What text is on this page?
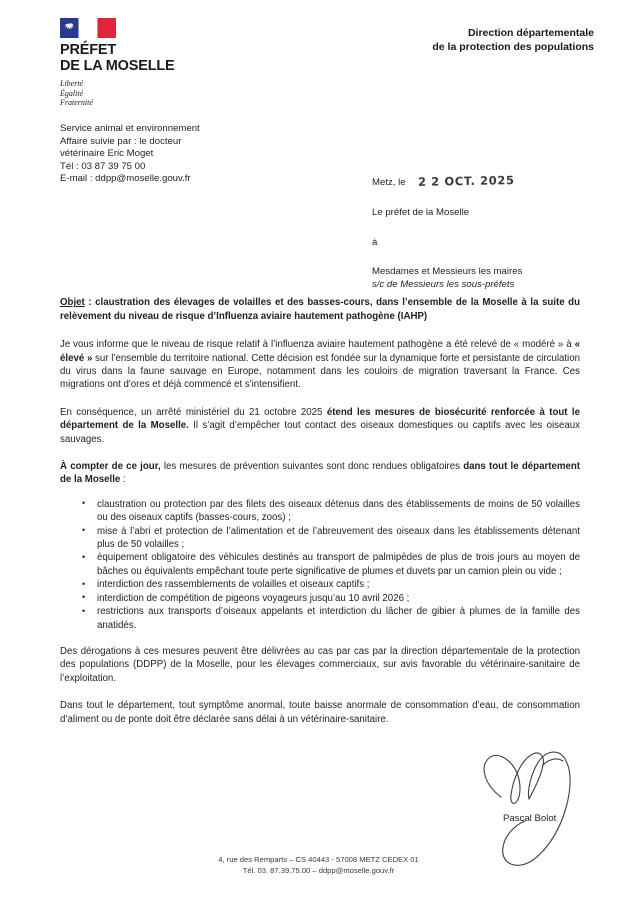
PRÉFET
DE LA MOSELLE
Liberté
Égalité
Fraternité
Direction départementale
de la protection des populations
Service animal et environnement
Affaire suivie par : le docteur
vétérinaire Eric Moget
Tél : 03 87 39 75 00
E-mail : ddpp@moselle.gouv.fr	Metz, le 2 2 OCT. 2025
Le préfet de la Moselle
à
Mesdames et Messieurs les maires
s/c de Messieurs les sous-préfets

Objet : claustration des élevages de volailles et des basses-cours, dans l’ensemble de la Moselle à la suite du relèvement du niveau de risque d’Influenza aviaire hautement pathogène (IAHP)

Je vous informe que le niveau de risque relatif à l’influenza aviaire hautement pathogène a été relevé de « modéré » à « élevé » sur l’ensemble du territoire national. Cette décision est fondée sur la dynamique forte et persistante de circulation du virus dans la faune sauvage en Europe, notamment dans les couloirs de migration traversant la France. Ces migrations ont d'ores et déjà commencé et s'intensifient.

En conséquence, un arrêté ministériel du 21 octobre 2025 étend les mesures de biosécurité renforcée à tout le département de la Moselle. Il s’agit d’empêcher tout contact des oiseaux domestiques ou captifs avec les oiseaux sauvages.

À compter de ce jour, les mesures de prévention suivantes sont donc rendues obligatoires dans tout le département de la Moselle :

• claustration ou protection par des filets des oiseaux détenus dans des établissements de moins de 50 volailles ou des oiseaux captifs (basses-cours, zoos) ;
• mise à l’abri et protection de l’alimentation et de l’abreuvement des oiseaux dans les établissements détenant plus de 50 volailles ;
• équipement obligatoire des véhicules destinés au transport de palmipèdes de plus de trois jours au moyen de bâches ou équivalents empêchant toute perte significative de plumes et duvets par un camion plein ou vide ;
• interdiction des rassemblements de volailles et oiseaux captifs ;
• interdiction de compétition de pigeons voyageurs jusqu’au 10 avril 2026 ;
• restrictions aux transports d’oiseaux appelants et interdiction du lâcher de gibier à plumes de la famille des anatidés.

Des dérogations à ces mesures peuvent être délivrées au cas par cas par la direction départementale de la protection des populations (DDPP) de la Moselle, pour les élevages commerciaux, sur avis favorable du vétérinaire-sanitaire de l’exploitation.

Dans tout le département, tout symptôme anormal, toute baisse anormale de consommation d’eau, de consommation d’aliment ou de ponte doit être déclarée sans délai à un vétérinaire-sanitaire.

Pascal Bolot
4, rue des Remparts – CS 40443 - 57008 METZ CEDEX 01
Tél. 03. 87.39.75.00 – ddpp@moselle.gouv.fr
